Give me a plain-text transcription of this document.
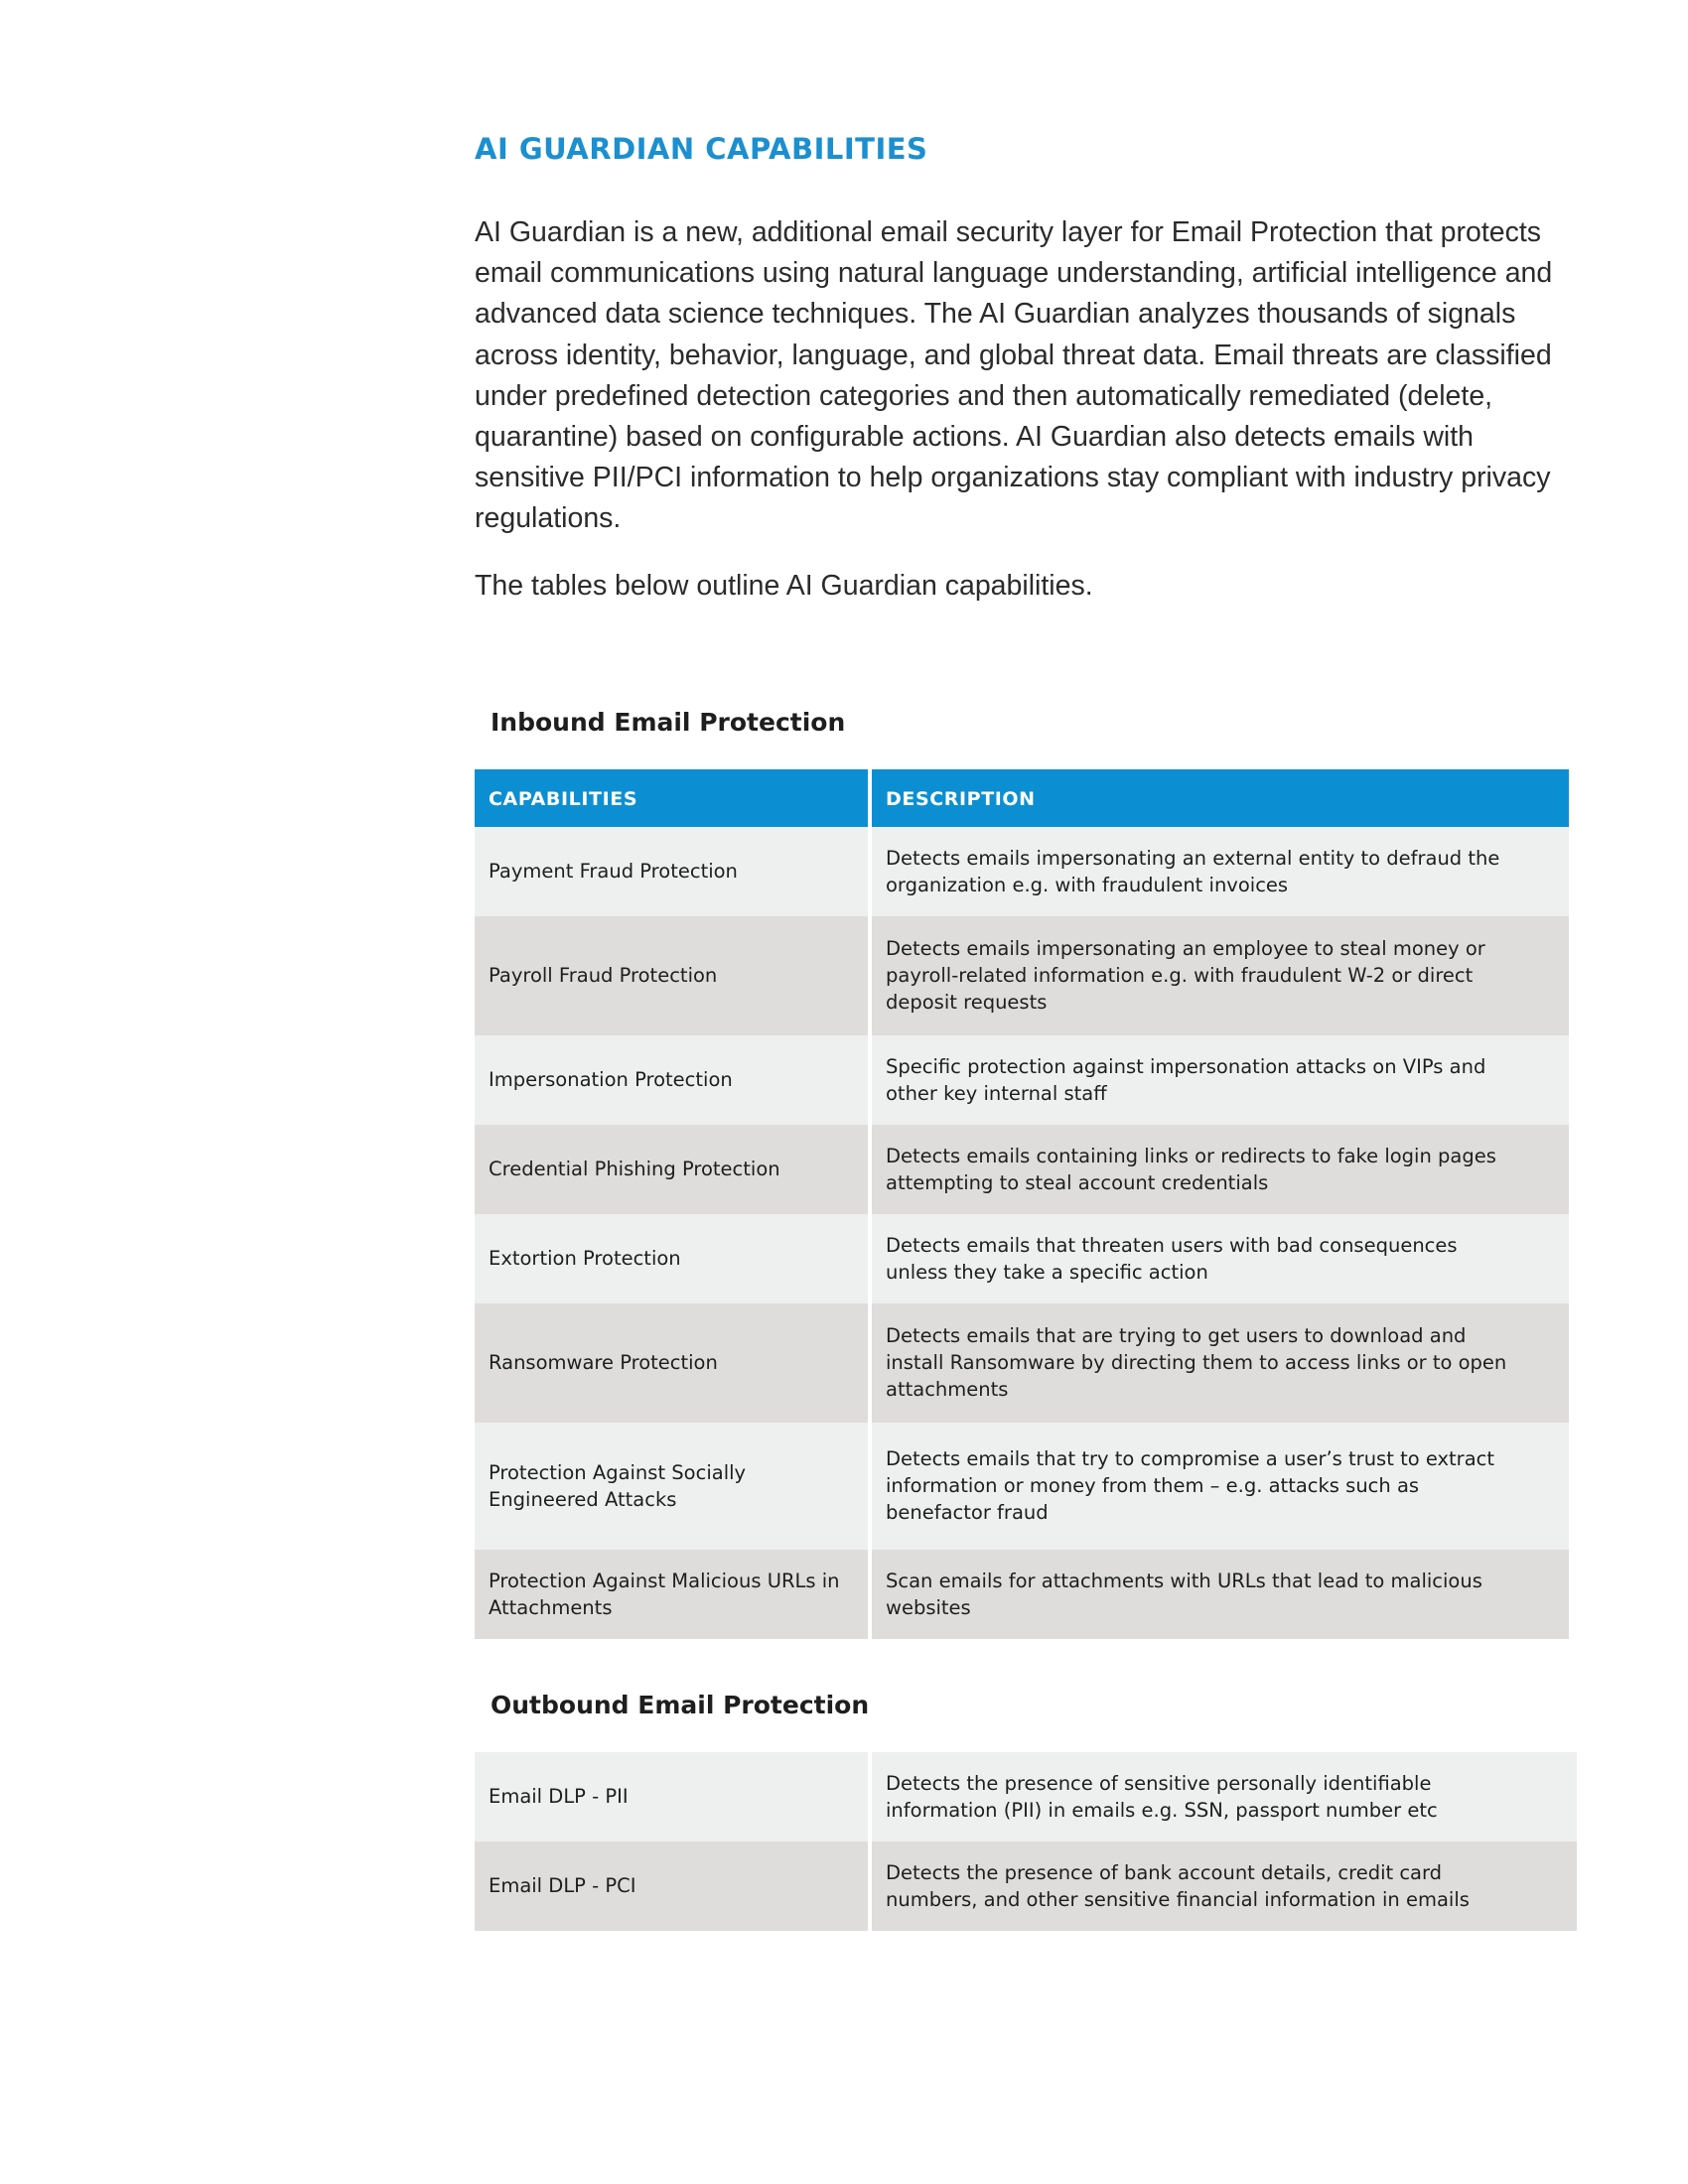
AI GUARDIAN CAPABILITIES

AI Guardian is a new, additional email security layer for Email Protection that protects email communications using natural language understanding, artificial intelligence and advanced data science techniques. The AI Guardian analyzes thousands of signals across identity, behavior, language, and global threat data. Email threats are classified under predefined detection categories and then automatically remediated (delete, quarantine) based on configurable actions. AI Guardian also detects emails with sensitive PII/PCI information to help organizations stay compliant with industry privacy regulations.

The tables below outline AI Guardian capabilities.

Inbound Email Protection
CAPABILITIES	DESCRIPTION
Payment Fraud Protection	Detects emails impersonating an external entity to defraud the organization e.g. with fraudulent invoices
Payroll Fraud Protection	Detects emails impersonating an employee to steal money or payroll-related information e.g. with fraudulent W-2 or direct deposit requests
Impersonation Protection	Specific protection against impersonation attacks on VIPs and other key internal staff
Credential Phishing Protection	Detects emails containing links or redirects to fake login pages attempting to steal account credentials
Extortion Protection	Detects emails that threaten users with bad consequences unless they take a specific action
Ransomware Protection	Detects emails that are trying to get users to download and install Ransomware by directing them to access links or to open attachments
Protection Against Socially Engineered Attacks	Detects emails that try to compromise a user’s trust to extract information or money from them – e.g. attacks such as benefactor fraud
Protection Against Malicious URLs in Attachments	Scan emails for attachments with URLs that lead to malicious websites
Outbound Email Protection
Email DLP - PII	Detects the presence of sensitive personally identifiable information (PII) in emails e.g. SSN, passport number etc
Email DLP - PCI	Detects the presence of bank account details, credit card numbers, and other sensitive financial information in emails
